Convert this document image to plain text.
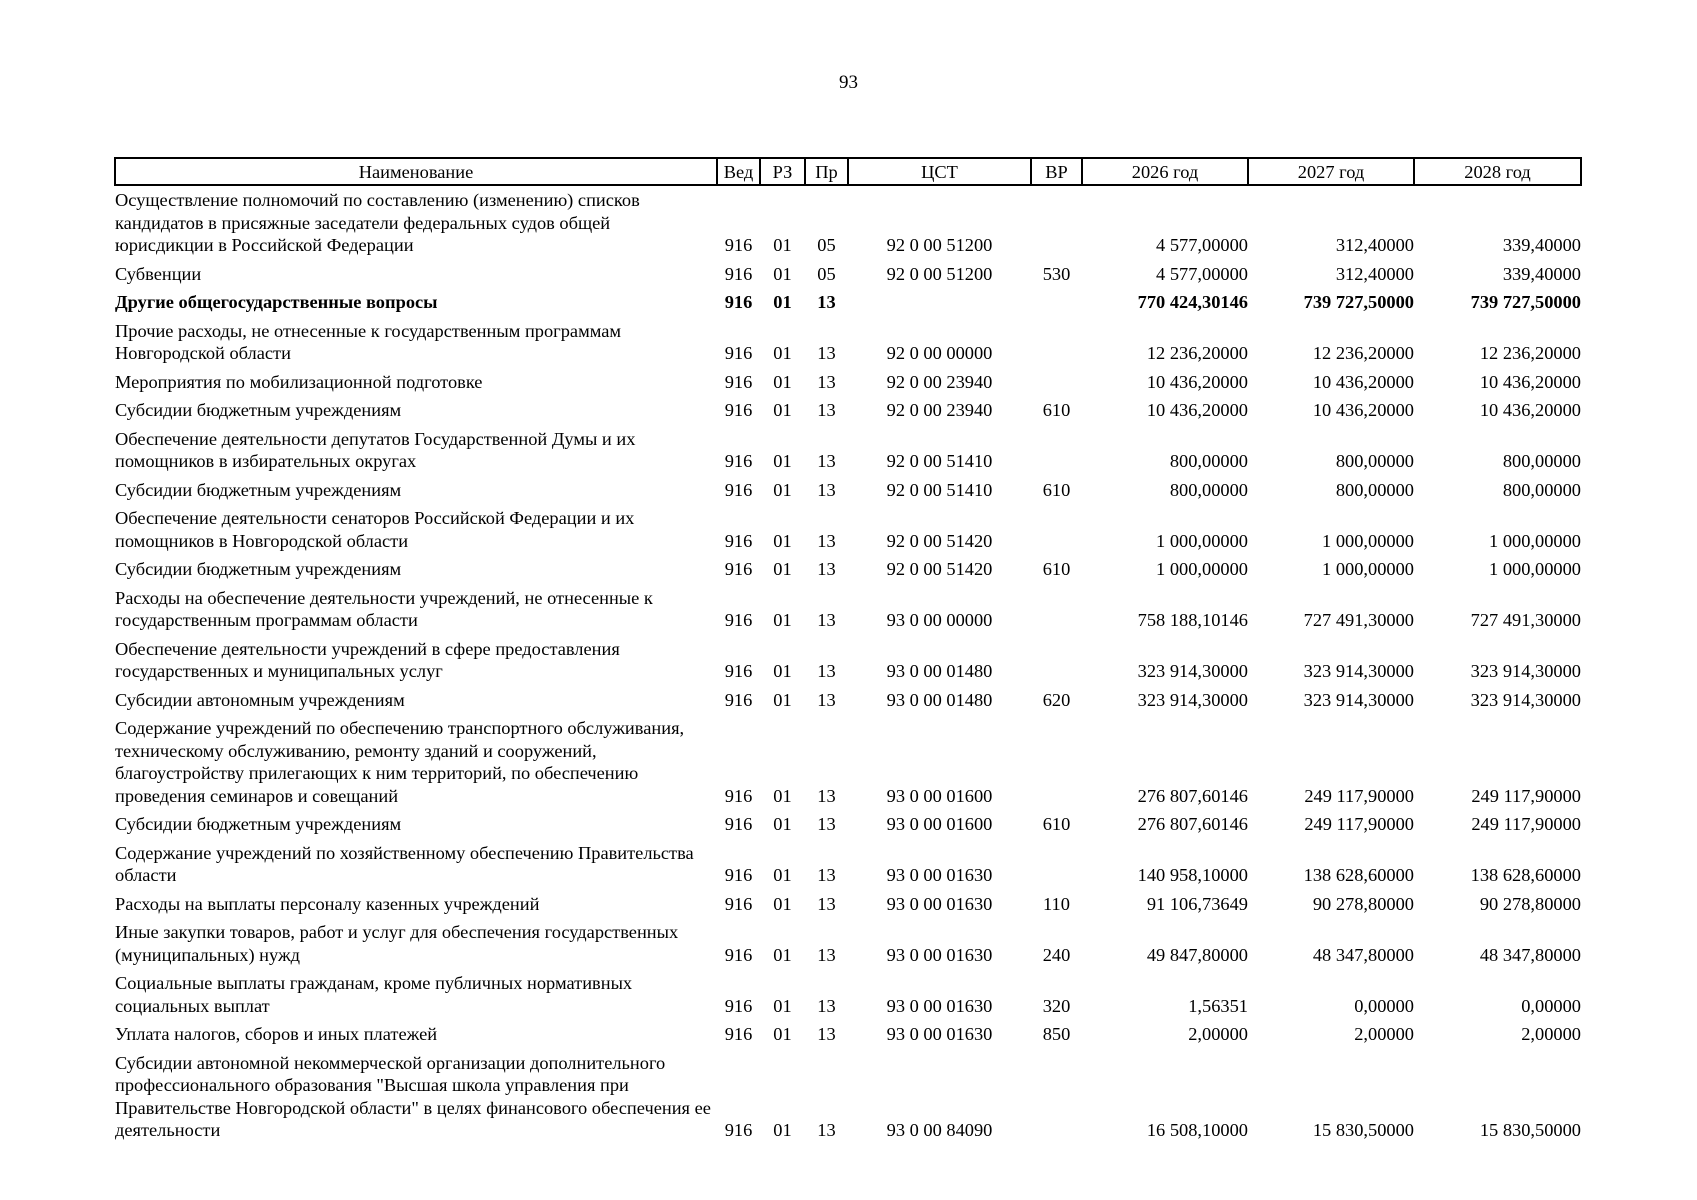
93
Наименование	Вед	РЗ	Пр	ЦСТ	ВР	2026 год	2027 год	2028 год
Осуществление полномочий по составлению (изменению) списков кандидатов в присяжные заседатели федеральных судов общей юрисдикции в Российской Федерации	916	01	05	92 0 00 51200		4 577,00000	312,40000	339,40000
Субвенции	916	01	05	92 0 00 51200	530	4 577,00000	312,40000	339,40000
Другие общегосударственные вопросы	916	01	13			770 424,30146	739 727,50000	739 727,50000
Прочие расходы, не отнесенные к государственным программам Новгородской области	916	01	13	92 0 00 00000		12 236,20000	12 236,20000	12 236,20000
Мероприятия по мобилизационной подготовке	916	01	13	92 0 00 23940		10 436,20000	10 436,20000	10 436,20000
Субсидии бюджетным учреждениям	916	01	13	92 0 00 23940	610	10 436,20000	10 436,20000	10 436,20000
Обеспечение деятельности депутатов Государственной Думы и их помощников в избирательных округах	916	01	13	92 0 00 51410		800,00000	800,00000	800,00000
Субсидии бюджетным учреждениям	916	01	13	92 0 00 51410	610	800,00000	800,00000	800,00000
Обеспечение деятельности сенаторов Российской Федерации и их помощников в Новгородской области	916	01	13	92 0 00 51420		1 000,00000	1 000,00000	1 000,00000
Субсидии бюджетным учреждениям	916	01	13	92 0 00 51420	610	1 000,00000	1 000,00000	1 000,00000
Расходы на обеспечение деятельности учреждений, не отнесенные к государственным программам области	916	01	13	93 0 00 00000		758 188,10146	727 491,30000	727 491,30000
Обеспечение деятельности учреждений в сфере предоставления государственных и муниципальных услуг	916	01	13	93 0 00 01480		323 914,30000	323 914,30000	323 914,30000
Субсидии автономным учреждениям	916	01	13	93 0 00 01480	620	323 914,30000	323 914,30000	323 914,30000
Содержание учреждений по обеспечению транспортного обслуживания, техническому обслуживанию, ремонту зданий и сооружений, благоустройству прилегающих к ним территорий, по обеспечению проведения семинаров и совещаний	916	01	13	93 0 00 01600		276 807,60146	249 117,90000	249 117,90000
Субсидии бюджетным учреждениям	916	01	13	93 0 00 01600	610	276 807,60146	249 117,90000	249 117,90000
Содержание учреждений по хозяйственному обеспечению Правительства области	916	01	13	93 0 00 01630		140 958,10000	138 628,60000	138 628,60000
Расходы на выплаты персоналу казенных учреждений	916	01	13	93 0 00 01630	110	91 106,73649	90 278,80000	90 278,80000
Иные закупки товаров, работ и услуг для обеспечения государственных (муниципальных) нужд	916	01	13	93 0 00 01630	240	49 847,80000	48 347,80000	48 347,80000
Социальные выплаты гражданам, кроме публичных нормативных социальных выплат	916	01	13	93 0 00 01630	320	1,56351	0,00000	0,00000
Уплата налогов, сборов и иных платежей	916	01	13	93 0 00 01630	850	2,00000	2,00000	2,00000
Субсидии автономной некоммерческой организации дополнительного профессионального образования "Высшая школа управления при Правительстве Новгородской области" в целях финансового обеспечения ее деятельности	916	01	13	93 0 00 84090		16 508,10000	15 830,50000	15 830,50000
